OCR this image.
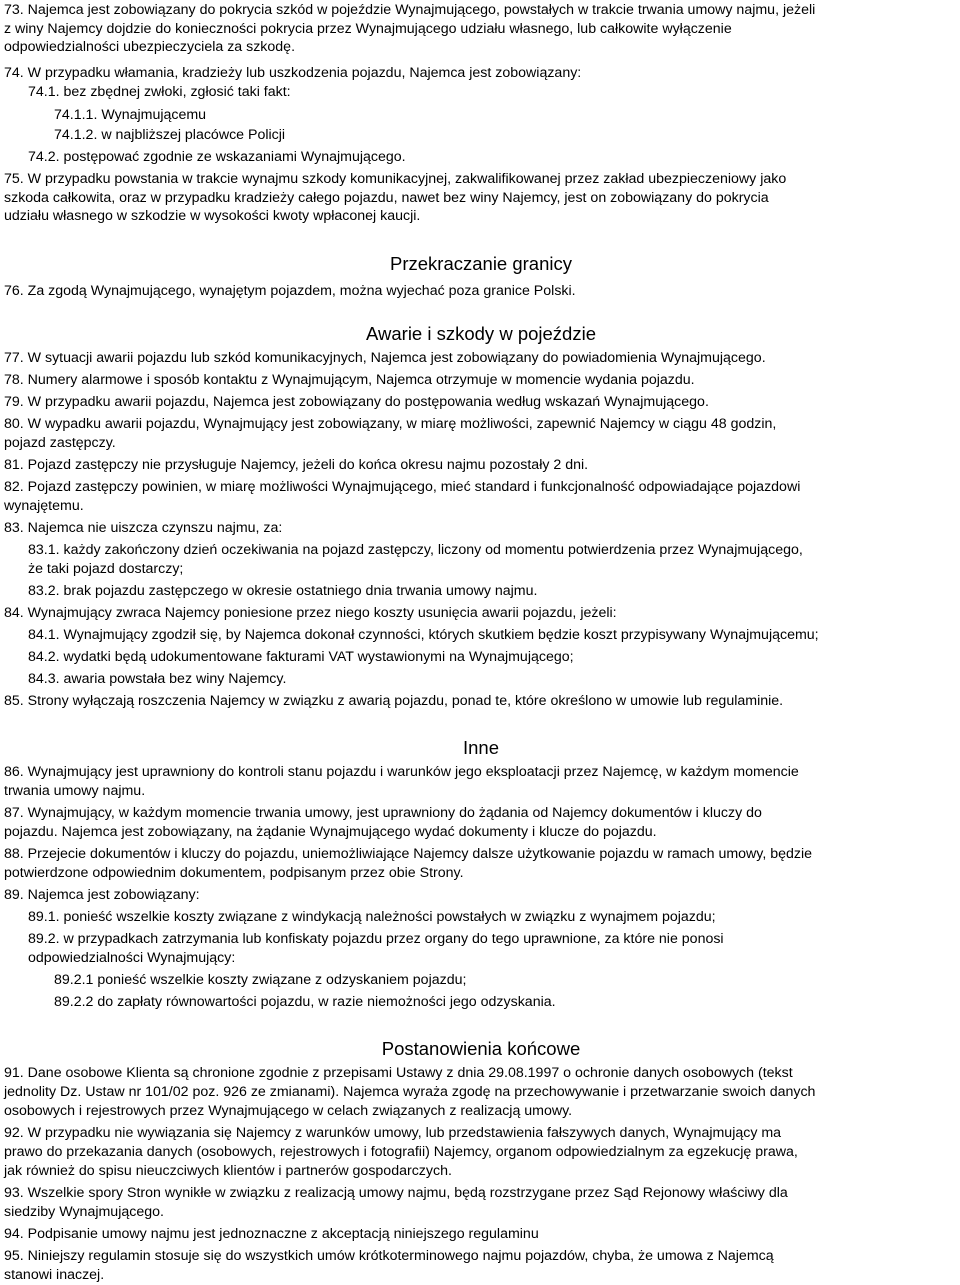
73. Najemca jest zobowiązany do pokrycia szkód w pojeździe Wynajmującego, powstałych w trakcie trwania umowy najmu, jeżeli
z winy Najemcy dojdzie do konieczności pokrycia przez Wynajmującego udziału własnego, lub całkowite wyłączenie
odpowiedzialności ubezpieczyciela za szkodę.
74. W przypadku włamania, kradzieży lub uszkodzenia pojazdu, Najemca jest zobowiązany:
74.1. bez zbędnej zwłoki, zgłosić taki fakt:
74.1.1. Wynajmującemu
74.1.2. w najbliższej placówce Policji
74.2. postępować zgodnie ze wskazaniami Wynajmującego.
75. W przypadku powstania w trakcie wynajmu szkody komunikacyjnej, zakwalifikowanej przez zakład ubezpieczeniowy jako
szkoda całkowita, oraz w przypadku kradzieży całego pojazdu, nawet bez winy Najemcy, jest on zobowiązany do pokrycia
udziału własnego w szkodzie w wysokości kwoty wpłaconej kaucji.
Przekraczanie granicy
76. Za zgodą Wynajmującego, wynajętym pojazdem, można wyjechać poza granice Polski.
Awarie i szkody w pojeździe
77. W sytuacji awarii pojazdu lub szkód komunikacyjnych, Najemca jest zobowiązany do powiadomienia Wynajmującego.
78. Numery alarmowe i sposób kontaktu z Wynajmującym, Najemca otrzymuje w momencie wydania pojazdu.
79. W przypadku awarii pojazdu, Najemca jest zobowiązany do postępowania według wskazań Wynajmującego.
80. W wypadku awarii pojazdu, Wynajmujący jest zobowiązany, w miarę możliwości, zapewnić Najemcy w ciągu 48 godzin,
pojazd zastępczy.
81. Pojazd zastępczy nie przysługuje Najemcy, jeżeli do końca okresu najmu pozostały 2 dni.
82. Pojazd zastępczy powinien, w miarę możliwości Wynajmującego, mieć standard i funkcjonalność odpowiadające pojazdowi
wynajętemu.
83. Najemca nie uiszcza czynszu najmu, za:
83.1. każdy zakończony dzień oczekiwania na pojazd zastępczy, liczony od momentu potwierdzenia przez Wynajmującego,
że taki pojazd dostarczy;
83.2. brak pojazdu zastępczego w okresie ostatniego dnia trwania umowy najmu.
84. Wynajmujący zwraca Najemcy poniesione przez niego koszty usunięcia awarii pojazdu, jeżeli:
84.1. Wynajmujący zgodził się, by Najemca dokonał czynności, których skutkiem będzie koszt przypisywany Wynajmującemu;
84.2. wydatki będą udokumentowane fakturami VAT wystawionymi na Wynajmującego;
84.3. awaria powstała bez winy Najemcy.
85. Strony wyłączają roszczenia Najemcy w związku z awarią pojazdu, ponad te, które określono w umowie lub regulaminie.
Inne
86. Wynajmujący jest uprawniony do kontroli stanu pojazdu i warunków jego eksploatacji przez Najemcę, w każdym momencie
trwania umowy najmu.
87. Wynajmujący, w każdym momencie trwania umowy, jest uprawniony do żądania od Najemcy dokumentów i kluczy do
pojazdu. Najemca jest zobowiązany, na żądanie Wynajmującego wydać dokumenty i klucze do pojazdu.
88. Przejecie dokumentów i kluczy do pojazdu, uniemożliwiające Najemcy dalsze użytkowanie pojazdu w ramach umowy, będzie
potwierdzone odpowiednim dokumentem, podpisanym przez obie Strony.
89. Najemca jest zobowiązany:
89.1. ponieść wszelkie koszty związane z windykacją należności powstałych w związku z wynajmem pojazdu;
89.2. w przypadkach zatrzymania lub konfiskaty pojazdu przez organy do tego uprawnione, za które nie ponosi
odpowiedzialności Wynajmujący:
89.2.1 ponieść wszelkie koszty związane z odzyskaniem pojazdu;
89.2.2 do zapłaty równowartości pojazdu, w razie niemożności jego odzyskania.
Postanowienia końcowe
91. Dane osobowe Klienta są chronione zgodnie z przepisami Ustawy z dnia 29.08.1997 o ochronie danych osobowych (tekst
jednolity Dz. Ustaw nr 101/02 poz. 926 ze zmianami). Najemca wyraża zgodę na przechowywanie i przetwarzanie swoich danych
osobowych i rejestrowych przez Wynajmującego w celach związanych z realizacją umowy.
92. W przypadku nie wywiązania się Najemcy z warunków umowy, lub przedstawienia fałszywych danych, Wynajmujący ma
prawo do przekazania danych (osobowych, rejestrowych i fotografii) Najemcy, organom odpowiedzialnym za egzekucję prawa,
jak również do spisu nieuczciwych klientów i partnerów gospodarczych.
93. Wszelkie spory Stron wynikłe w związku z realizacją umowy najmu, będą rozstrzygane przez Sąd Rejonowy właściwy dla
siedziby Wynajmującego.
94. Podpisanie umowy najmu jest jednoznaczne z akceptacją niniejszego regulaminu
95. Niniejszy regulamin stosuje się do wszystkich umów krótkoterminowego najmu pojazdów, chyba, że umowa z Najemcą
stanowi inaczej.
